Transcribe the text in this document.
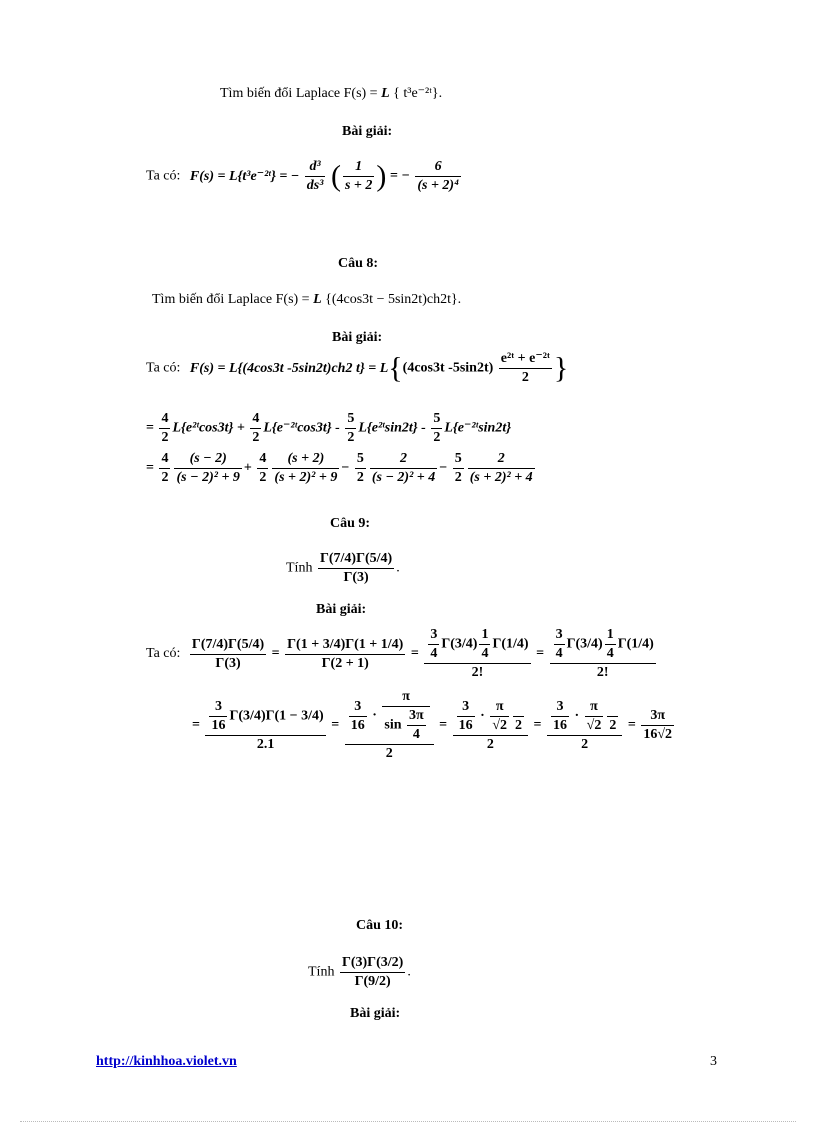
Tìm biến đổi Laplace F(s) = L { t³e⁻²ᵗ}.
Bài giải:
Ta có: F(s) = L{t³e⁻²ᵗ} = − $\frac{\text{d³}}{\text{ds³}}$ ( $\frac{1}{s + 2}$ ) = − $\frac{6}{\text{(s + 2)⁴}}$
Câu 8:
Tìm biến đổi Laplace F(s) = L {(4cos3t − 5sin2t)ch2t}.
Bài giải:
Ta có: F(s) = L{(4cos3t -5sin2t)ch2 t} = L{(4cos3t $-5\sin 2t) \frac{\text{e²ᵗ + e⁻²ᵗ}}{2}$ }
= $\frac{4}{2}$ L{e²ᵗcos3t} + $\frac{4}{2}$ L{e⁻²ᵗcos3t} - $\frac{5}{2}$ L{e²ᵗsin2t} - $\frac{5}{2}$ L{e⁻²ᵗsin2t}
= $\frac{4}{2} \frac{(s - 2)}{\text{(s − 2)² + 9}} + \frac{4}{2} \frac{(s + 2)}{\text{(s + 2)² + 9}} - \frac{5}{2} \frac{2}{\text{(s − 2)² + 4}} - \frac{5}{2} \frac{2}{\text{(s + 2)² + 4}}$
Câu 9:
Tính $\frac{\Gamma(7/4)\Gamma(5/4)}{\Gamma(3)}$ .
Bài giải:
Ta có: $\frac{\Gamma(7/4)\Gamma(5/4)}{\Gamma(3)} = \frac{\Gamma(1 + 3/4)\Gamma(1 + 1/4)}{\Gamma(2 + 1)} = \frac{\frac{3}{4} \Gamma(3/4) \frac{1}{4} \Gamma(1/4)}{2!} = \frac{\frac{3}{4} \Gamma(3/4) \frac{1}{4} \Gamma(1/4)}{2!}$
= $\frac{\frac{3}{16} \Gamma(3/4)\Gamma(1 - 3/4)}{2.1} = \frac{\frac{3}{16} \cdot \frac{\pi}{\sin \frac{3\pi}{4}}}{2} = \frac{3}{16} \cdot \frac{\pi}{√2}$
2
$2 = \frac{3}{16} \cdot \frac{\pi}{√2}$
2
$2 = \frac{3\pi}{16√2}$
Câu 10:
Tính $\frac{\Gamma(3)\Gamma(3/2)}{\Gamma(9/2)}$ .
Bài giải:
http://kinhhoa.violet.vn	3
